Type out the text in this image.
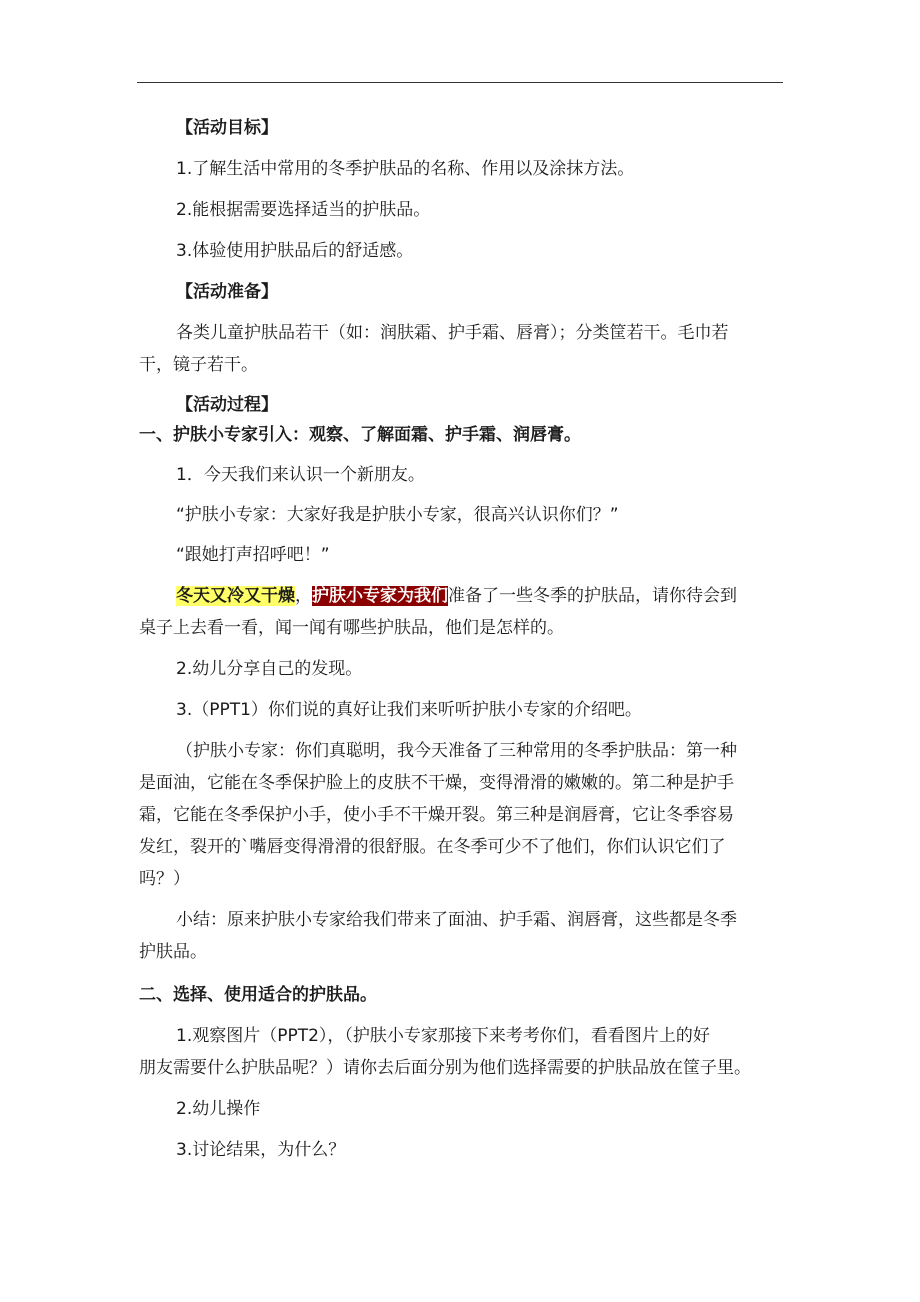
【活动目标】

1.了解生活中常用的冬季护肤品的名称、作用以及涂抹方法。

2.能根据需要选择适当的护肤品。

3.体验使用护肤品后的舒适感。

【活动准备】

各类儿童护肤品若干（如：润肤霜、护手霜、唇膏）；分类筐若干。毛巾若

干，镜子若干。

【活动过程】

一、护肤小专家引入：观察、了解面霜、护手霜、润唇膏。

1．今天我们来认识一个新朋友。

“护肤小专家：大家好我是护肤小专家，很高兴认识你们？”

“跟她打声招呼吧！”

冬天又冷又干燥，护肤小专家为我们准备了一些冬季的护肤品，请你待会到

桌子上去看一看，闻一闻有哪些护肤品，他们是怎样的。

2.幼儿分享自己的发现。

3.（PPT1）你们说的真好让我们来听听护肤小专家的介绍吧。

（护肤小专家：你们真聪明，我今天准备了三种常用的冬季护肤品：第一种

是面油，它能在冬季保护脸上的皮肤不干燥，变得滑滑的嫩嫩的。第二种是护手

霜，它能在冬季保护小手，使小手不干燥开裂。第三种是润唇膏，它让冬季容易

发红，裂开的`嘴唇变得滑滑的很舒服。在冬季可少不了他们，你们认识它们了

吗？）

小结：原来护肤小专家给我们带来了面油、护手霜、润唇膏，这些都是冬季

护肤品。

二、选择、使用适合的护肤品。

1.观察图片（PPT2），（护肤小专家那接下来考考你们，看看图片上的好

朋友需要什么护肤品呢？）请你去后面分别为他们选择需要的护肤品放在筐子里。

2.幼儿操作

3.讨论结果，为什么？
